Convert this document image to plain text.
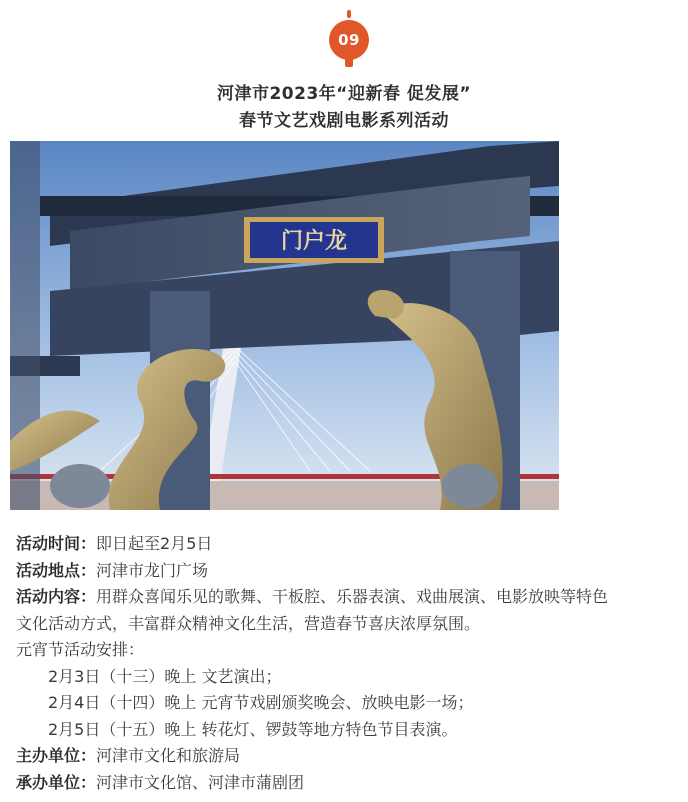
09
河津市2023年“迎新春 促发展”
春节文艺戏剧电影系列活动
门户龙
活动时间：即日起至2月5日
活动地点：河津市龙门广场
活动内容：用群众喜闻乐见的歌舞、干板腔、乐器表演、戏曲展演、电影放映等特色
文化活动方式，丰富群众精神文化生活，营造春节喜庆浓厚氛围。
元宵节活动安排：
2月3日（十三）晚上 文艺演出；
2月4日（十四）晚上 元宵节戏剧颁奖晚会、放映电影一场；
2月5日（十五）晚上 转花灯、锣鼓等地方特色节目表演。
主办单位：河津市文化和旅游局
承办单位：河津市文化馆、河津市蒲剧团
